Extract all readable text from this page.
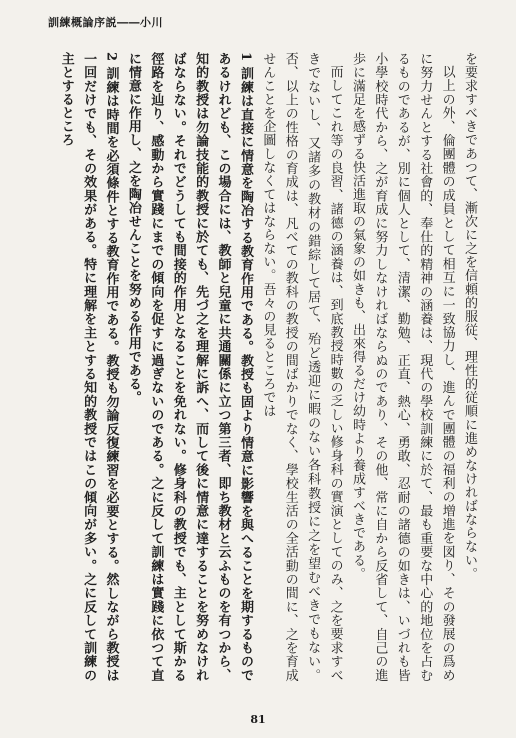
訓練概論序説――小川

を要求すべきであつて、漸次に之を信頼的服従、理性的従順に進めなければならない。

以上の外、倫團體の成員として相互に一致協力し、進んで團體の福利の増進を図り、その發展の爲めに努力せんとする社會的、奉仕的精神の涵養は、現代の學校訓練に於て、最も重要な中心的地位を占むるものであるが、別に個人として、清潔、勤勉、正直、熱心、勇敢、忍耐の諸德の如きは、いづれも皆小學校時代から、之が育成に努力しなければならぬのであり、その他、常に自から反省して、自己の進歩に滿足を感ずる快活進取の氣象の如きも、出來得るだけ幼時より養成すべきである。

而してこれ等の良習、諸德の涵養は、到底教授時數の乏しい修身科の實演としてのみ、之を要求すべきでないし、又諸多の教材の錯綜して居て、殆ど透迎に暇のない各科教授に之を望むべきでもない。否、以上の性格の育成は、凡べての教科の教授の間ばかりでなく、學校生活の全活動の間に、之を育成せんことを企圖しなくてはならない。吾々の見るところでは

1 訓練は直接に情意を陶冶する教育作用である。教授も固より情意に影響を與へることを期するものであるけれども、この場合には、教師と兒童に共通關係に立つ第三者、即ち教材と云ふものを有つから、知的教授は勿論技能的教授に於ても、先づ之を理解に訴へ、而して後に情意に達することを努めなければならない。それでどうしても間接的作用となることを免れない。修身科の教授でも、主として斯かる徑路を辿り、感動から實踐にまでの傾向を促すに過ぎないのである。之に反して訓練は實踐に依つて直に情意に作用し、之を陶冶せんことを努める作用である。

2 訓練は時間を必須條件とする教育作用である。教授も勿論反復練習を必要とする。然しながら教授は一回だけでも、その效果がある。特に理解を主とする知的教授ではこの傾向が多い。之に反して訓練の主とするところ

81
